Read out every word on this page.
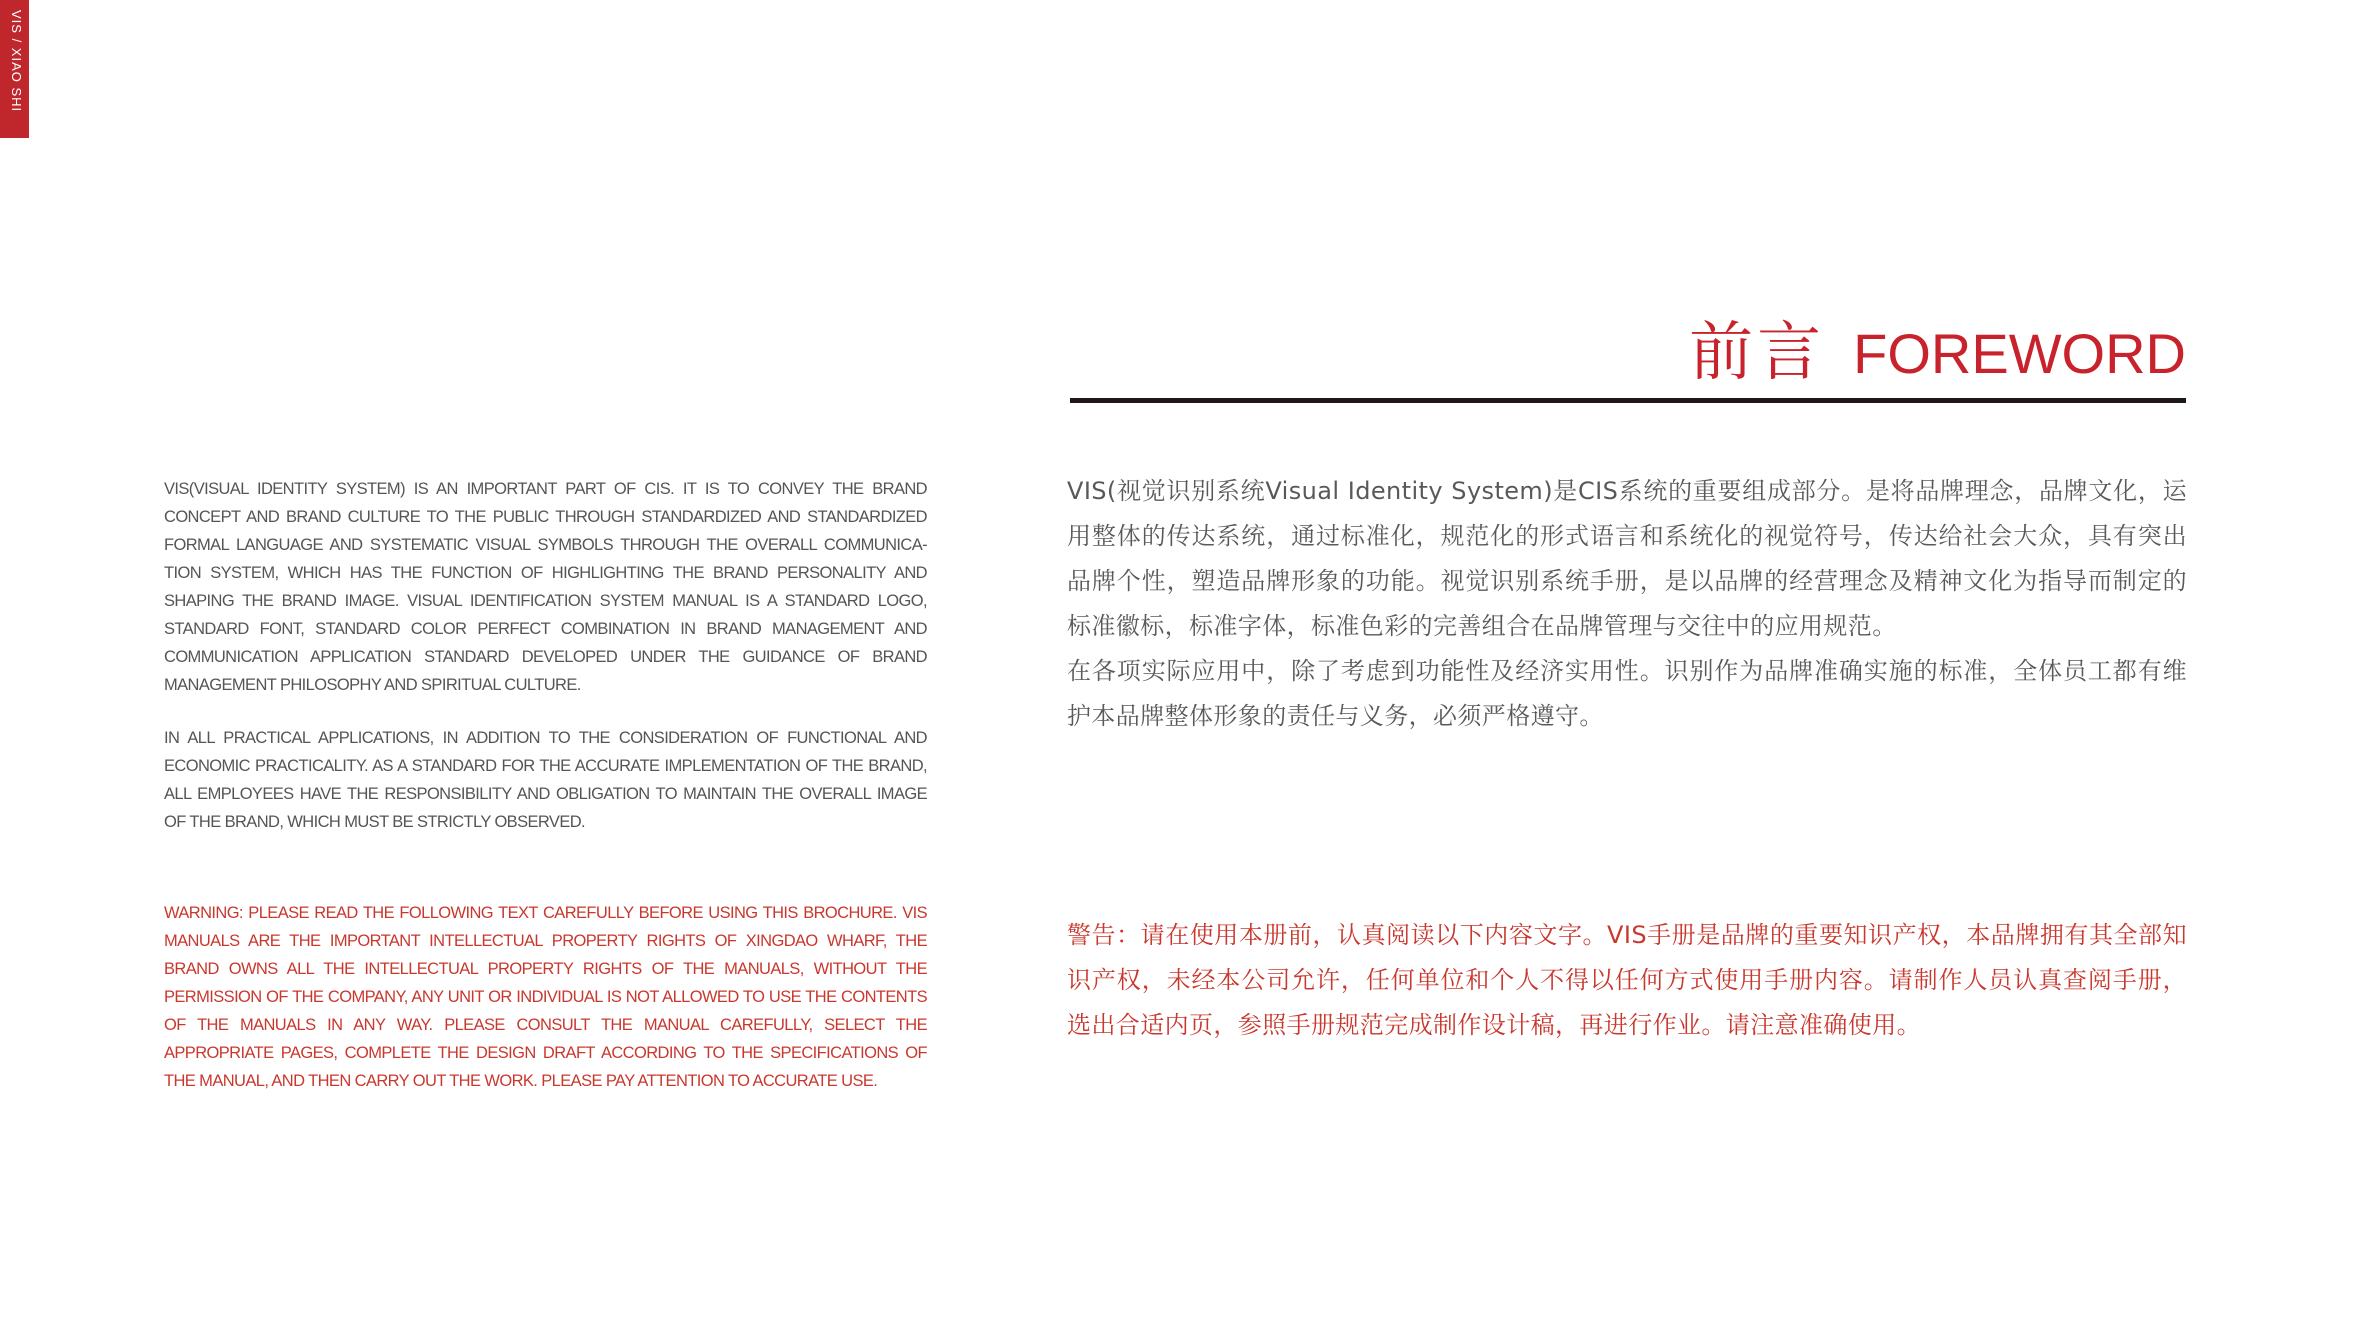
VIS / XIAO SHI
前言 FOREWORD

VIS(VISUAL IDENTITY SYSTEM) IS AN IMPORTANT PART OF CIS. IT IS TO CONVEY THE BRAND CONCEPT AND BRAND CULTURE TO THE PUBLIC THROUGH STANDARDIZED AND STANDARDIZED FORMAL LANGUAGE AND SYSTEMATIC VISUAL SYMBOLS THROUGH THE OVERALL COMMUNICA-TION SYSTEM, WHICH HAS THE FUNCTION OF HIGHLIGHTING THE BRAND PERSONALITY AND SHAPING THE BRAND IMAGE. VISUAL IDENTIFICATION SYSTEM MANUAL IS A STANDARD LOGO, STANDARD FONT, STANDARD COLOR PERFECT COMBINATION IN BRAND MANAGEMENT AND COMMUNICATION APPLICATION STANDARD DEVELOPED UNDER THE GUIDANCE OF BRAND MANAGEMENT PHILOSOPHY AND SPIRITUAL CULTURE.

IN ALL PRACTICAL APPLICATIONS, IN ADDITION TO THE CONSIDERATION OF FUNCTIONAL AND ECONOMIC PRACTICALITY. AS A STANDARD FOR THE ACCURATE IMPLEMENTATION OF THE BRAND, ALL EMPLOYEES HAVE THE RESPONSIBILITY AND OBLIGATION TO MAINTAIN THE OVERALL IMAGE OF THE BRAND, WHICH MUST BE STRICTLY OBSERVED.

WARNING: PLEASE READ THE FOLLOWING TEXT CAREFULLY BEFORE USING THIS BROCHURE. VIS MANUALS ARE THE IMPORTANT INTELLECTUAL PROPERTY RIGHTS OF XINGDAO WHARF, THE BRAND OWNS ALL THE INTELLECTUAL PROPERTY RIGHTS OF THE MANUALS, WITHOUT THE PERMISSION OF THE COMPANY, ANY UNIT OR INDIVIDUAL IS NOT ALLOWED TO USE THE CONTENTS OF THE MANUALS IN ANY WAY. PLEASE CONSULT THE MANUAL CAREFULLY, SELECT THE APPROPRIATE PAGES, COMPLETE THE DESIGN DRAFT ACCORDING TO THE SPECIFICATIONS OF THE MANUAL, AND THEN CARRY OUT THE WORK. PLEASE PAY ATTENTION TO ACCURATE USE.

VIS(视觉识别系统Visual Identity System)是CIS系统的重要组成部分。是将品牌理念，品牌文化，运用整体的传达系统，通过标准化，规范化的形式语言和系统化的视觉符号，传达给社会大众，具有突出品牌个性，塑造品牌形象的功能。视觉识别系统手册，是以品牌的经营理念及精神文化为指导而制定的标准徽标，标准字体，标准色彩的完善组合在品牌管理与交往中的应用规范。

在各项实际应用中，除了考虑到功能性及经济实用性。识别作为品牌准确实施的标准，全体员工都有维护本品牌整体形象的责任与义务，必须严格遵守。

警告：请在使用本册前，认真阅读以下内容文字。VIS手册是品牌的重要知识产权，本品牌拥有其全部知识产权，未经本公司允许，任何单位和个人不得以任何方式使用手册内容。请制作人员认真查阅手册，选出合适内页，参照手册规范完成制作设计稿，再进行作业。请注意准确使用。
